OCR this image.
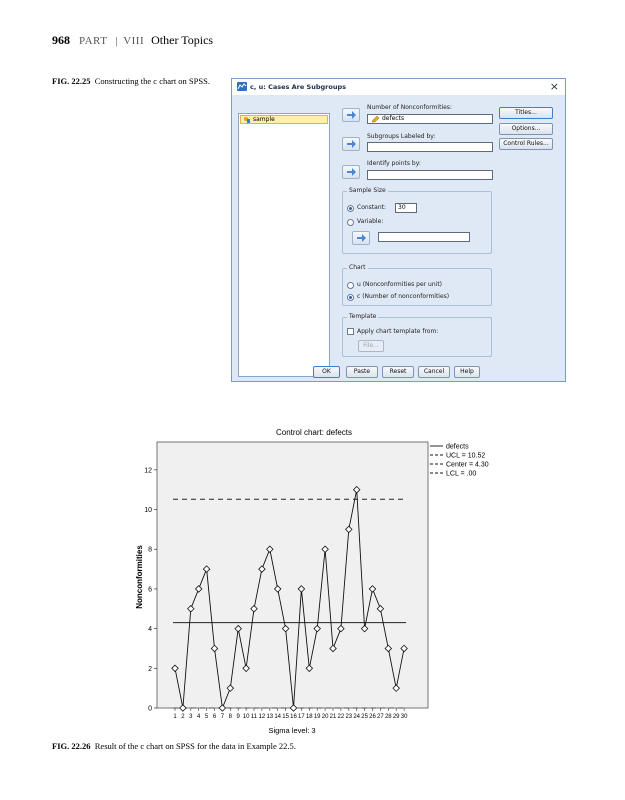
968 PART | VIII Other Topics
FIG. 22.25 Constructing the c chart on SPSS.
c, u: Cases Are Subgroups	×
sample
Number of Nonconformities:
defects
Subgroups Labeled by:
Identify points by:
Titles...
Options...
Control Rules...
Sample Size
Constant:	30
Variable:
Chart
u (Nonconformities per unit)
c (Number of nonconformities)
Template
Apply chart template from:
File...
OK	Paste	Reset	Cancel	Help
Control chart: defects
0
2
4
6
8
10
12
1 2 3 4 5 6 7 8 9 10 11 12 13 14 15 16 17 18 19 20 21 22 23 24 25 26 27 28 29 30
defects
UCL = 10.52
Center = 4.30
LCL = .00
Sigma level: 3
Nonconformities
FIG. 22.26 Result of the c chart on SPSS for the data in Example 22.5.
